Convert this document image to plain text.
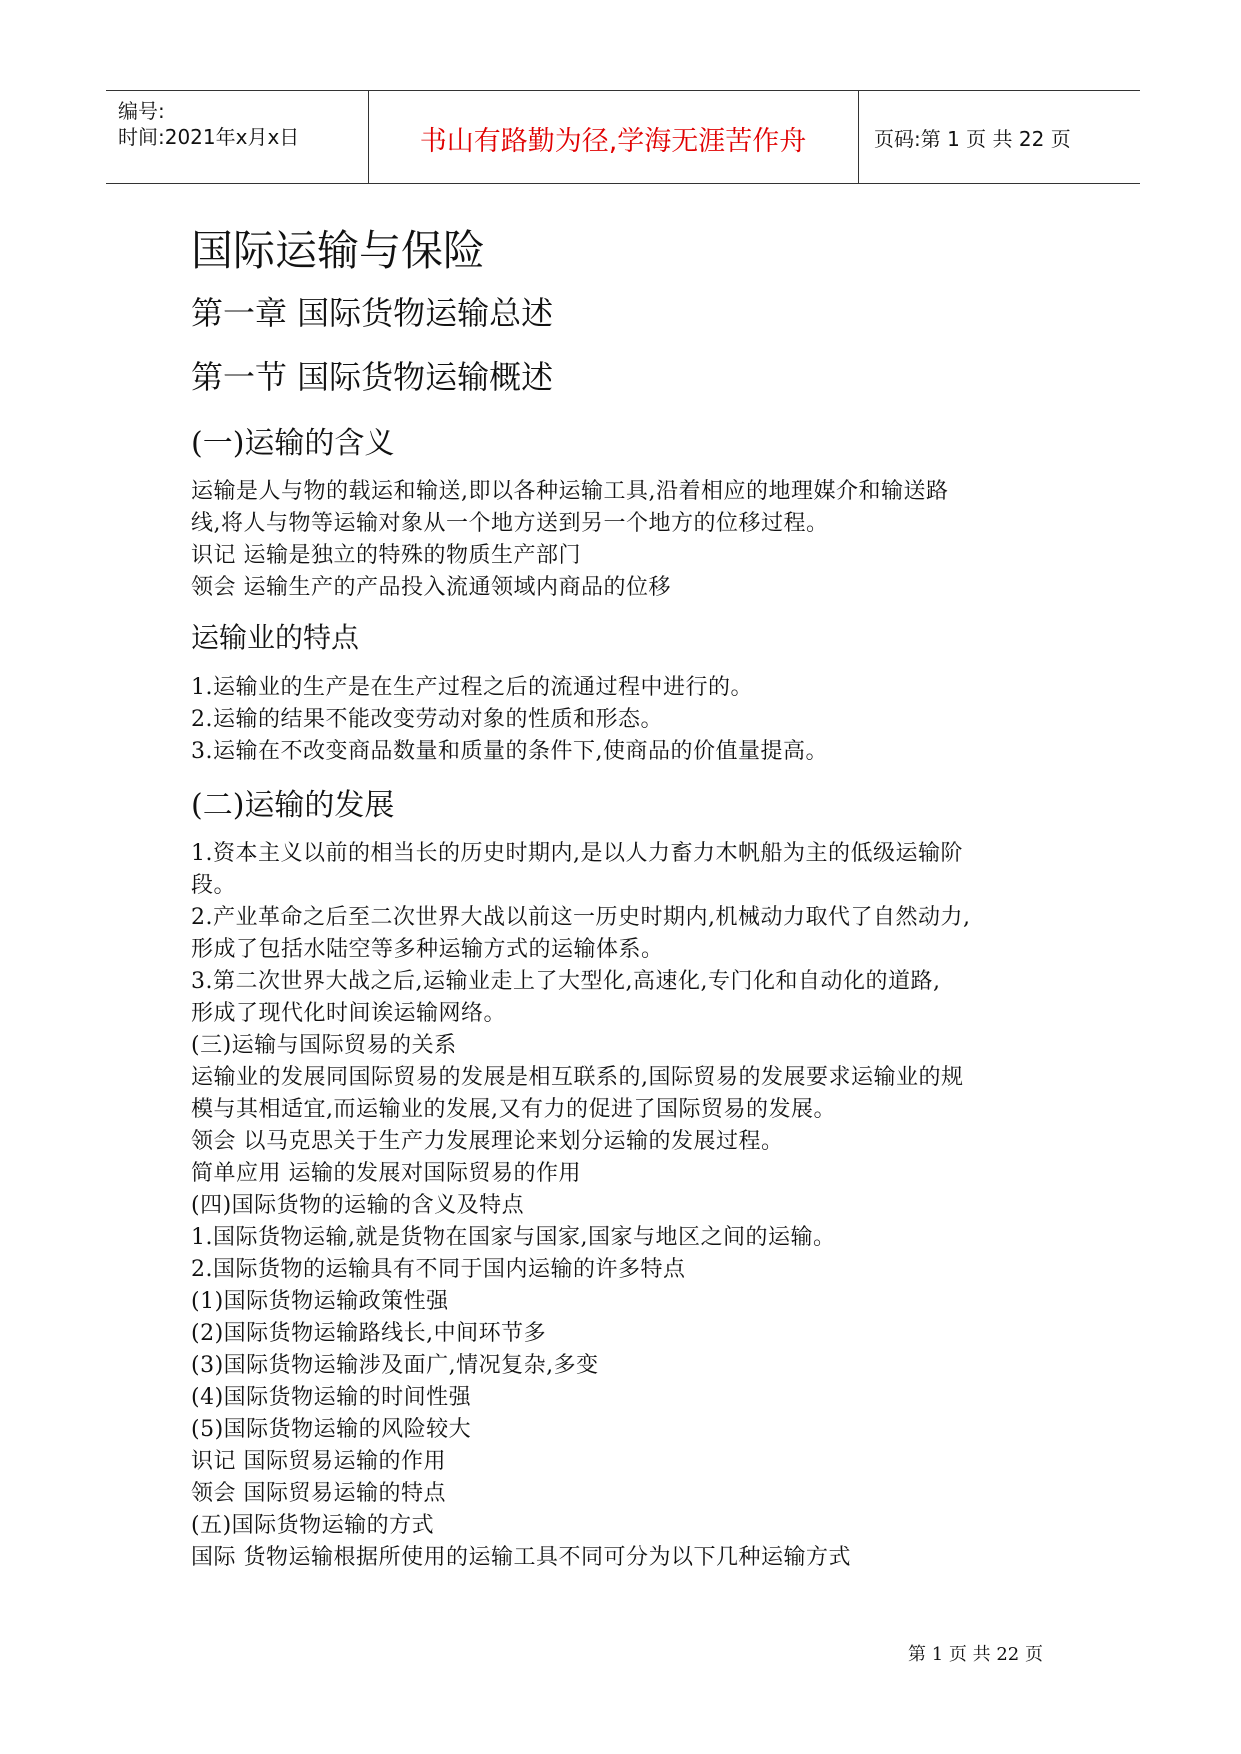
编号:
时间:2021年x月x日	书山有路勤为径,学海无涯苦作舟	页码:第 1 页 共 22 页
国际运输与保险
第一章 国际货物运输总述
第一节 国际货物运输概述
(一)运输的含义
运输是人与物的载运和输送,即以各种运输工具,沿着相应的地理媒介和输送路
线,将人与物等运输对象从一个地方送到另一个地方的位移过程。
识记 运输是独立的特殊的物质生产部门
领会 运输生产的产品投入流通领域内商品的位移
运输业的特点
1.运输业的生产是在生产过程之后的流通过程中进行的。
2.运输的结果不能改变劳动对象的性质和形态。
3.运输在不改变商品数量和质量的条件下,使商品的价值量提高。
(二)运输的发展
1.资本主义以前的相当长的历史时期内,是以人力畜力木帆船为主的低级运输阶
段。
2.产业革命之后至二次世界大战以前这一历史时期内,机械动力取代了自然动力,
形成了包括水陆空等多种运输方式的运输体系。
3.第二次世界大战之后,运输业走上了大型化,高速化,专门化和自动化的道路,
形成了现代化时间诶运输网络。
(三)运输与国际贸易的关系
运输业的发展同国际贸易的发展是相互联系的,国际贸易的发展要求运输业的规
模与其相适宜,而运输业的发展,又有力的促进了国际贸易的发展。
领会 以马克思关于生产力发展理论来划分运输的发展过程。
简单应用 运输的发展对国际贸易的作用
(四)国际货物的运输的含义及特点
1.国际货物运输,就是货物在国家与国家,国家与地区之间的运输。
2.国际货物的运输具有不同于国内运输的许多特点
(1)国际货物运输政策性强
(2)国际货物运输路线长,中间环节多
(3)国际货物运输涉及面广,情况复杂,多变
(4)国际货物运输的时间性强
(5)国际货物运输的风险较大
识记 国际贸易运输的作用
领会 国际贸易运输的特点
(五)国际货物运输的方式
国际 货物运输根据所使用的运输工具不同可分为以下几种运输方式
第 1 页 共 22 页
